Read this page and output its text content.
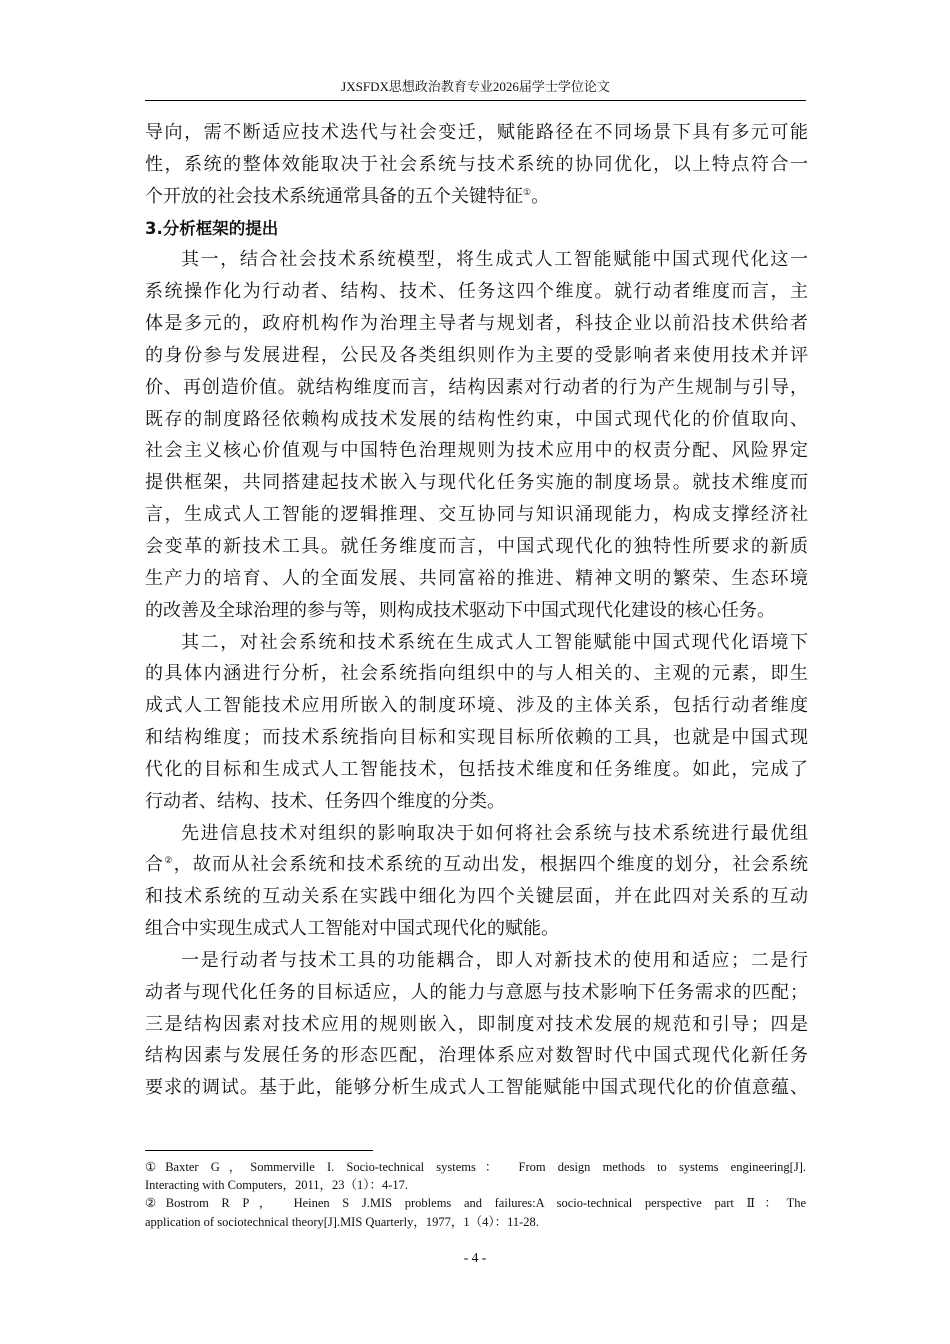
JXSFDX思想政治教育专业2026届学士学位论文
导向，需不断适应技术迭代与社会变迁，赋能路径在不同场景下具有多元可能
性，系统的整体效能取决于社会系统与技术系统的协同优化，以上特点符合一
个开放的社会技术系统通常具备的五个关键特征①。
3.分析框架的提出
其一，结合社会技术系统模型，将生成式人工智能赋能中国式现代化这一
系统操作化为行动者、结构、技术、任务这四个维度。就行动者维度而言，主
体是多元的，政府机构作为治理主导者与规划者，科技企业以前沿技术供给者
的身份参与发展进程，公民及各类组织则作为主要的受影响者来使用技术并评
价、再创造价值。就结构维度而言，结构因素对行动者的行为产生规制与引导，
既存的制度路径依赖构成技术发展的结构性约束，中国式现代化的价值取向、
社会主义核心价值观与中国特色治理规则为技术应用中的权责分配、风险界定
提供框架，共同搭建起技术嵌入与现代化任务实施的制度场景。就技术维度而
言，生成式人工智能的逻辑推理、交互协同与知识涌现能力，构成支撑经济社
会变革的新技术工具。就任务维度而言，中国式现代化的独特性所要求的新质
生产力的培育、人的全面发展、共同富裕的推进、精神文明的繁荣、生态环境
的改善及全球治理的参与等，则构成技术驱动下中国式现代化建设的核心任务。
其二，对社会系统和技术系统在生成式人工智能赋能中国式现代化语境下
的具体内涵进行分析，社会系统指向组织中的与人相关的、主观的元素，即生
成式人工智能技术应用所嵌入的制度环境、涉及的主体关系，包括行动者维度
和结构维度；而技术系统指向目标和实现目标所依赖的工具，也就是中国式现
代化的目标和生成式人工智能技术，包括技术维度和任务维度。如此，完成了
行动者、结构、技术、任务四个维度的分类。
先进信息技术对组织的影响取决于如何将社会系统与技术系统进行最优组
合②，故而从社会系统和技术系统的互动出发，根据四个维度的划分，社会系统
和技术系统的互动关系在实践中细化为四个关键层面，并在此四对关系的互动
组合中实现生成式人工智能对中国式现代化的赋能。
一是行动者与技术工具的功能耦合，即人对新技术的使用和适应；二是行
动者与现代化任务的目标适应，人的能力与意愿与技术影响下任务需求的匹配；
三是结构因素对技术应用的规则嵌入，即制度对技术发展的规范和引导；四是
结构因素与发展任务的形态匹配，治理体系应对数智时代中国式现代化新任务
要求的调试。基于此，能够分析生成式人工智能赋能中国式现代化的价值意蕴、
①Baxter G，Sommerville I. Socio-technical systems： From design methods to systems engineering[J].
Interacting with Computers，2011，23（1）：4-17.
②Bostrom R P， Heinen S J.MIS problems and failures:A socio-technical perspective part Ⅱ：The
application of sociotechnical theory[J].MIS Quarterly，1977，1（4）：11-28.
- 4 -
